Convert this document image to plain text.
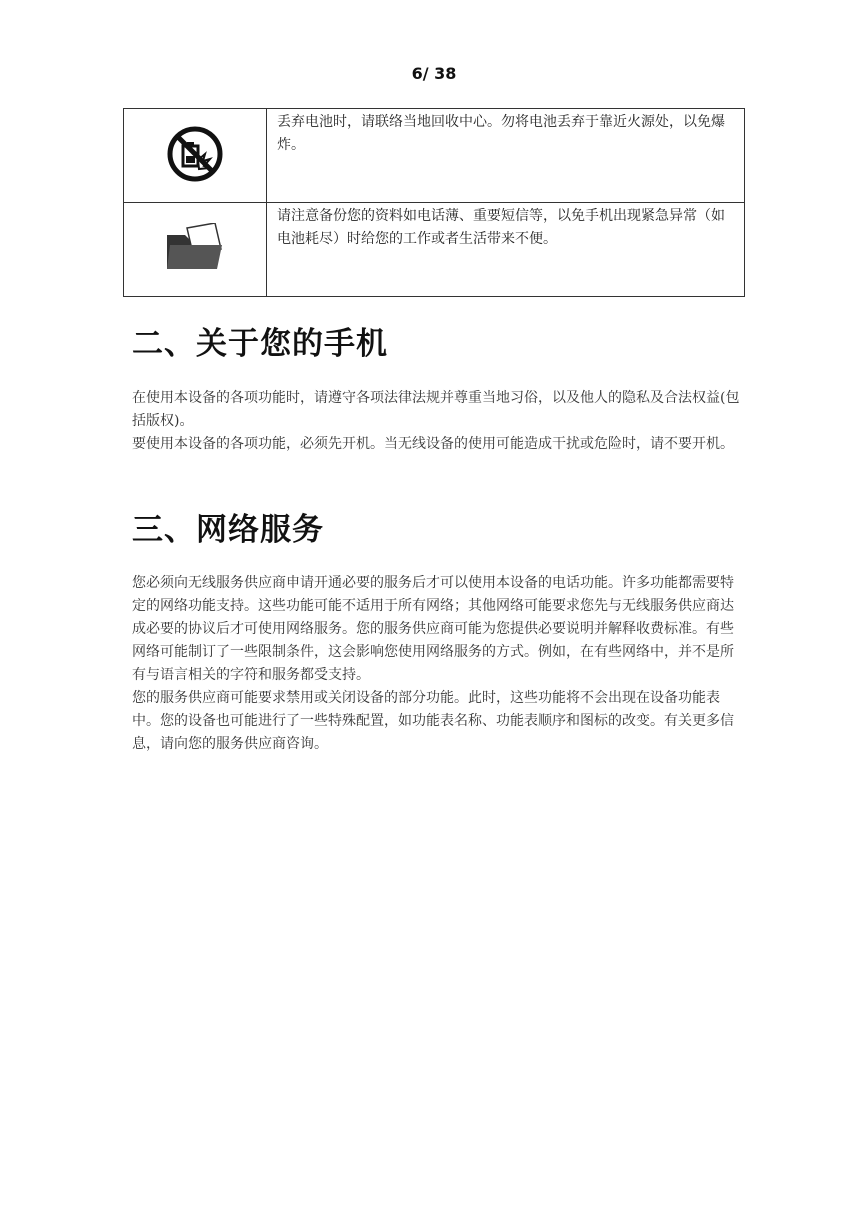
6/ 38
	丢弃电池时，请联络当地回收中心。勿将电池丢弃于靠近火源处，以免爆炸。
	请注意备份您的资料如电话薄、重要短信等，以免手机出现紧急异常（如电池耗尽）时给您的工作或者生活带来不便。
二、关于您的手机

在使用本设备的各项功能时，请遵守各项法律法规并尊重当地习俗，以及他人的隐私及合法权益(包括版权)。

要使用本设备的各项功能，必须先开机。当无线设备的使用可能造成干扰或危险时，请不要开机。

三、网络服务

您必须向无线服务供应商申请开通必要的服务后才可以使用本设备的电话功能。许多功能都需要特定的网络功能支持。这些功能可能不适用于所有网络；其他网络可能要求您先与无线服务供应商达成必要的协议后才可使用网络服务。您的服务供应商可能为您提供必要说明并解释收费标准。有些网络可能制订了一些限制条件，这会影响您使用网络服务的方式。例如，在有些网络中，并不是所有与语言相关的字符和服务都受支持。

您的服务供应商可能要求禁用或关闭设备的部分功能。此时，这些功能将不会出现在设备功能表中。您的设备也可能进行了一些特殊配置，如功能表名称、功能表顺序和图标的改变。有关更多信息，请向您的服务供应商咨询。
